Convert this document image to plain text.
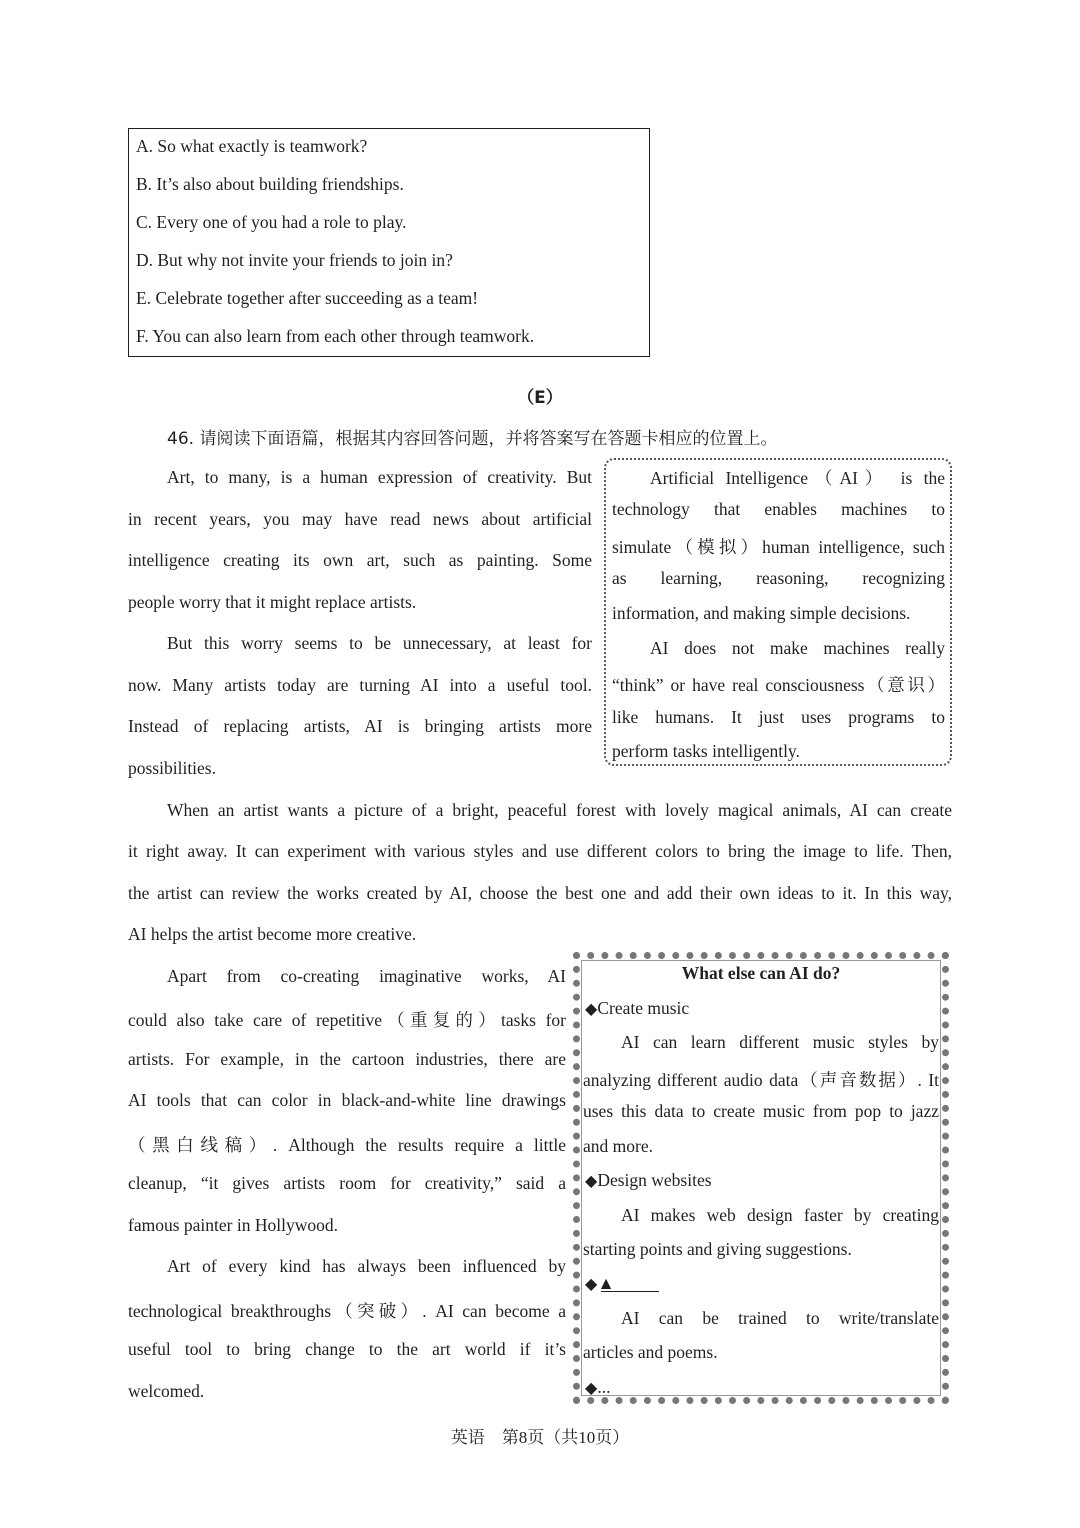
A. So what exactly is teamwork?
B. It’s also about building friendships.
C. Every one of you had a role to play.
D. But why not invite your friends to join in?
E. Celebrate together after succeeding as a team!
F. You can also learn from each other through teamwork.
（E）
46. 请阅读下面语篇，根据其内容回答问题，并将答案写在答题卡相应的位置上。
Art, to many, is a human expression of creativity. But
in recent years, you may have read news about artificial
intelligence creating its own art, such as painting. Some
people worry that it might replace artists.
But this worry seems to be unnecessary, at least for
now. Many artists today are turning AI into a useful tool.
Instead of replacing artists, AI is bringing artists more
possibilities.
Artificial Intelligence（AI） is the
technology that enables machines to
simulate（模拟）human intelligence, such
as learning, reasoning, recognizing
information, and making simple decisions.
AI does not make machines really
“think” or have real consciousness（意识）
like humans. It just uses programs to
perform tasks intelligently.
When an artist wants a picture of a bright, peaceful forest with lovely magical animals, AI can create
it right away. It can experiment with various styles and use different colors to bring the image to life. Then,
the artist can review the works created by AI, choose the best one and add their own ideas to it. In this way,
AI helps the artist become more creative.
Apart from co-creating imaginative works, AI
could also take care of repetitive（重复的）tasks for
artists. For example, in the cartoon industries, there are
AI tools that can color in black-and-white line drawings
（黑白线稿）. Although the results require a little
cleanup, “it gives artists room for creativity,” said a
famous painter in Hollywood.
Art of every kind has always been influenced by
technological breakthroughs（突破）. AI can become a
useful tool to bring change to the art world if it’s
welcomed.
What else can AI do?
◆Create music
AI can learn different music styles by
analyzing different audio data（声音数据）. It
uses this data to create music from pop to jazz
and more.
◆Design websites
AI makes web design faster by creating
starting points and giving suggestions.
◆▲
AI can be trained to write/translate
articles and poems.
◆...
英语　第8页（共10页）
